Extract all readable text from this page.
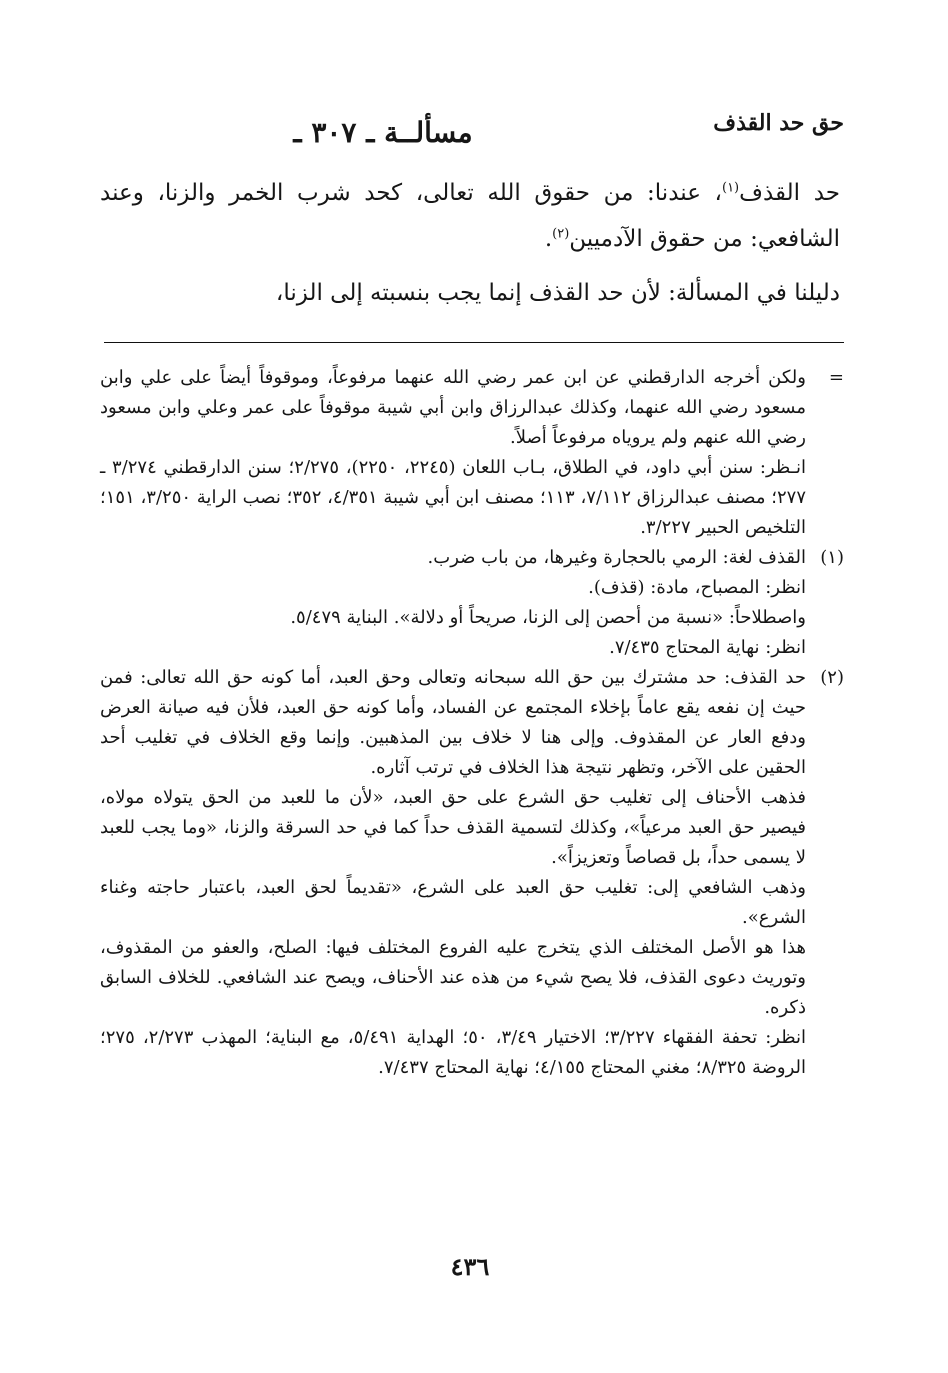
حق حد القذف
مسألــة ـ ٣٠٧ ـ

حد القذف$^{(١)}$، عندنا: من حقوق الله تعالى، كحد شرب الخمر والزنا، وعند الشافعي: من حقوق الآدميين$^{(٢)}$.

دليلنا في المسألة: لأن حد القذف إنما يجب بنسبته إلى الزنا،

=

ولكن أخرجه الدارقطني عن ابن عمر رضي الله عنهما مرفوعاً، وموقوفاً أيضاً على علي وابن مسعود رضي الله عنهما، وكذلك عبدالرزاق وابن أبي شيبة موقوفاً على عمر وعلي وابن مسعود رضي الله عنهم ولم يروياه مرفوعاً أصلاً.

انـظر: سنن أبي داود، في الطلاق، بـاب اللعان (٢٢٤٥، ٢٢٥٠)، ٢/٢٧٥؛ سنن الدارقطني ٣/٢٧٤ ـ ٢٧٧؛ مصنف عبدالرزاق ٧/١١٢، ١١٣؛ مصنف ابن أبي شيبة ٤/٣٥١، ٣٥٢؛ نصب الراية ٣/٢٥٠، ١٥١؛ التلخيص الحبير ٣/٢٢٧.

(١)

القذف لغة: الرمي بالحجارة وغيرها، من باب ضرب.

انظر: المصباح، مادة: (قذف).

واصطلاحاً: «نسبة من أحصن إلى الزنا، صريحاً أو دلالة». البناية ٥/٤٧٩.

انظر: نهاية المحتاج ٧/٤٣٥.

(٢)

حد القذف: حد مشترك بين حق الله سبحانه وتعالى وحق العبد، أما كونه حق الله تعالى: فمن حيث إن نفعه يقع عاماً بإخلاء المجتمع عن الفساد، وأما كونه حق العبد، فلأن فيه صيانة العرض ودفع العار عن المقذوف. وإلى هنا لا خلاف بين المذهبين. وإنما وقع الخلاف في تغليب أحد الحقين على الآخر، وتظهر نتيجة هذا الخلاف في ترتب آثاره.

فذهب الأحناف إلى تغليب حق الشرع على حق العبد، «لأن ما للعبد من الحق يتولاه مولاه، فيصير حق العبد مرعياً»، وكذلك لتسمية القذف حداً كما في حد السرقة والزنا، «وما يجب للعبد لا يسمى حداً، بل قصاصاً وتعزيزاً».

وذهب الشافعي إلى: تغليب حق العبد على الشرع، «تقديماً لحق العبد، باعتبار حاجته وغناء الشرع».

هذا هو الأصل المختلف الذي يتخرج عليه الفروع المختلف فيها: الصلح، والعفو من المقذوف، وتوريث دعوى القذف، فلا يصح شيء من هذه عند الأحناف، ويصح عند الشافعي. للخلاف السابق ذكره.

انظر: تحفة الفقهاء ٣/٢٢٧؛ الاختيار ٣/٤٩، ٥٠؛ الهداية ٥/٤٩١، مع البناية؛ المهذب ٢/٢٧٣، ٢٧٥؛ الروضة ٨/٣٢٥؛ مغني المحتاج ٤/١٥٥؛ نهاية المحتاج ٧/٤٣٧.

٤٣٦
